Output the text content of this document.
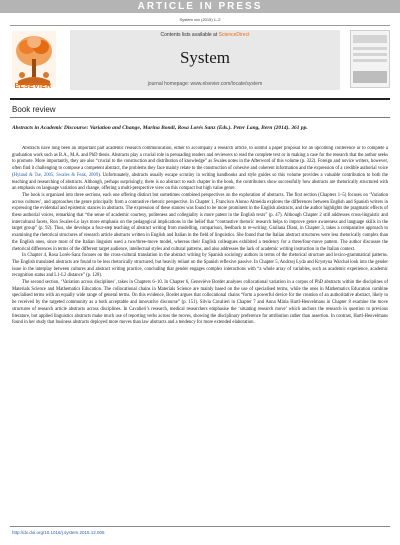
ARTICLE IN PRESS
System xxx (2015) 1–2
ELSEVIER
Contents lists available at ScienceDirect
System
journal homepage: www.elsevier.com/locate/system
Book review
Abstracts in Academic Discourse: Variation and Change, Marina Bondi, Rosa Lorés Sanz (Eds.). Peter Lang, Bern (2014). 361 pp.

Abstracts have long been an important part academic research communication, either to accompany a research article, to submit a paper proposal for an upcoming conference or to complete a graduation work such as B.A., M.A. and PhD thesis. Abstracts play a crucial role in persuading readers and reviewers to read the complete text or in making a case for the research that the author seeks to promote. More importantly, they are also “crucial to the construction and distribution of knowledge” as Swales notes in the Afterword of this volume (p. 322). Foreign and novice writers, however, often find it challenging to compose a competent abstract, the problems they face mainly relate to the construction of cohesive and coherent information and the expression of a credible authorial voice (Hyland & Tse, 2005; Swales & Feak, 2009). Unfortunately, abstracts usually escape scrutiny in writing handbooks and style guides so this volume provides a valuable contribution to both the teaching and researching of abstracts. Although, perhaps surprisingly, there is no abstract to each chapter in the book, the contributors show successfully how abstracts are rhetorically structured with an emphasis on language variation and change, offering a multi-perspective view on this compact but high value genre.

The book is organized into three sections, each one offering distinct but sometimes combined perspectives on the exploration of abstracts. The first section (Chapters 1–5) focuses on ‘Variation across cultures’, and approaches the genre principally from a contrastive rhetoric perspective. In Chapter 1, Francisco Alonso Almeida explores the differences between English and Spanish writers in expressing the evidential and epistemic stances in abstracts. The expression of these stances was found to be more prominent in the English abstracts, and the author highlights the pragmatic effects of these authorial voices, remarking that “the sense of academic courtesy, politeness and collegiality is more patent in the English texts” (p. 47). Although Chapter 2 still addresses cross-linguistic and intercultural facets, Ron Swales-Lo lays more emphasis on the pedagogical implications in the belief that “contrastive rhetoric research helps to improve genre awareness and language skills in the target group” (p. 92). Thus, she develops a four-step teaching of abstract writing from modelling, comparison, feedback to re-writing. Giuliana Diani, in Chapter 3, takes a comparative approach to examining the rhetorical structures of research article abstracts written in English and Italian in the field of linguistics. She found that the Italian abstract structures were less rhetorically complex than the English ones, since most of the Italian linguists used a two/three-move model, whereas their English colleagues exhibited a tendency for a three/four-move pattern. The author discusses the rhetorical differences in terms of the different target audience, intellectual styles and cultural patterns, and also addresses the lack of academic writing instruction in the Italian context.

In Chapter 4, Rosa Lorés-Sanz focuses on the cross-cultural translation in the abstract writing by Spanish sociology authors in terms of the rhetorical structure and lexico-grammatical patterns. The English translated abstracts are found to be less rhetorically structured, but heavily reliant on the Spanish reflexive passive. In Chapter 5, Andrzej Łyda and Krystyna Warchał look into the gender issue in the interplay between cultures and abstract writing practice, concluding that gender engages complex interactions with “a whole array of variables, such as academic experience, academic recognition status and L1-L2 distance” (p. 128).

The second section, ‘Variation across disciplines’, takes in Chapters 6–10. In Chapter 6, Geneviève Bordet analyses collocational variation in a corpus of PhD abstracts within the disciplines of Materials Science and Mathematics Education. The collocational chains in Materials Science are mainly based on the use of specialised terms, while the ones in Mathematics Education combine specialised terms with an equally wide range of general terms. On this evidence, Bordet argues that collocational chains “form a powerful device for the creation of an authoritative abstract, likely to be received by the targeted community as a both acceptable and innovative discourse” (p. 151). Silvia Cavalieri in Chapter 7 and Anna Mária Hartl-Heuvelmans in Chapter 8 examine the move structures of research article abstracts across disciplines. In Cavalieri’s research, medical researchers emphasise the ‘situating research move’ which anchors the research in question to previous literature, but applied linguistics abstracts make much use of reporting verbs across the moves, showing the disciplinary preference for attribution rather than assertion. In contrast, Hartl-Heuvelmans found in her study that business abstracts deployed more moves than law abstracts and a tendency for more extended elaboration.

http://dx.doi.org/10.1016/j.system.2015.12.005
